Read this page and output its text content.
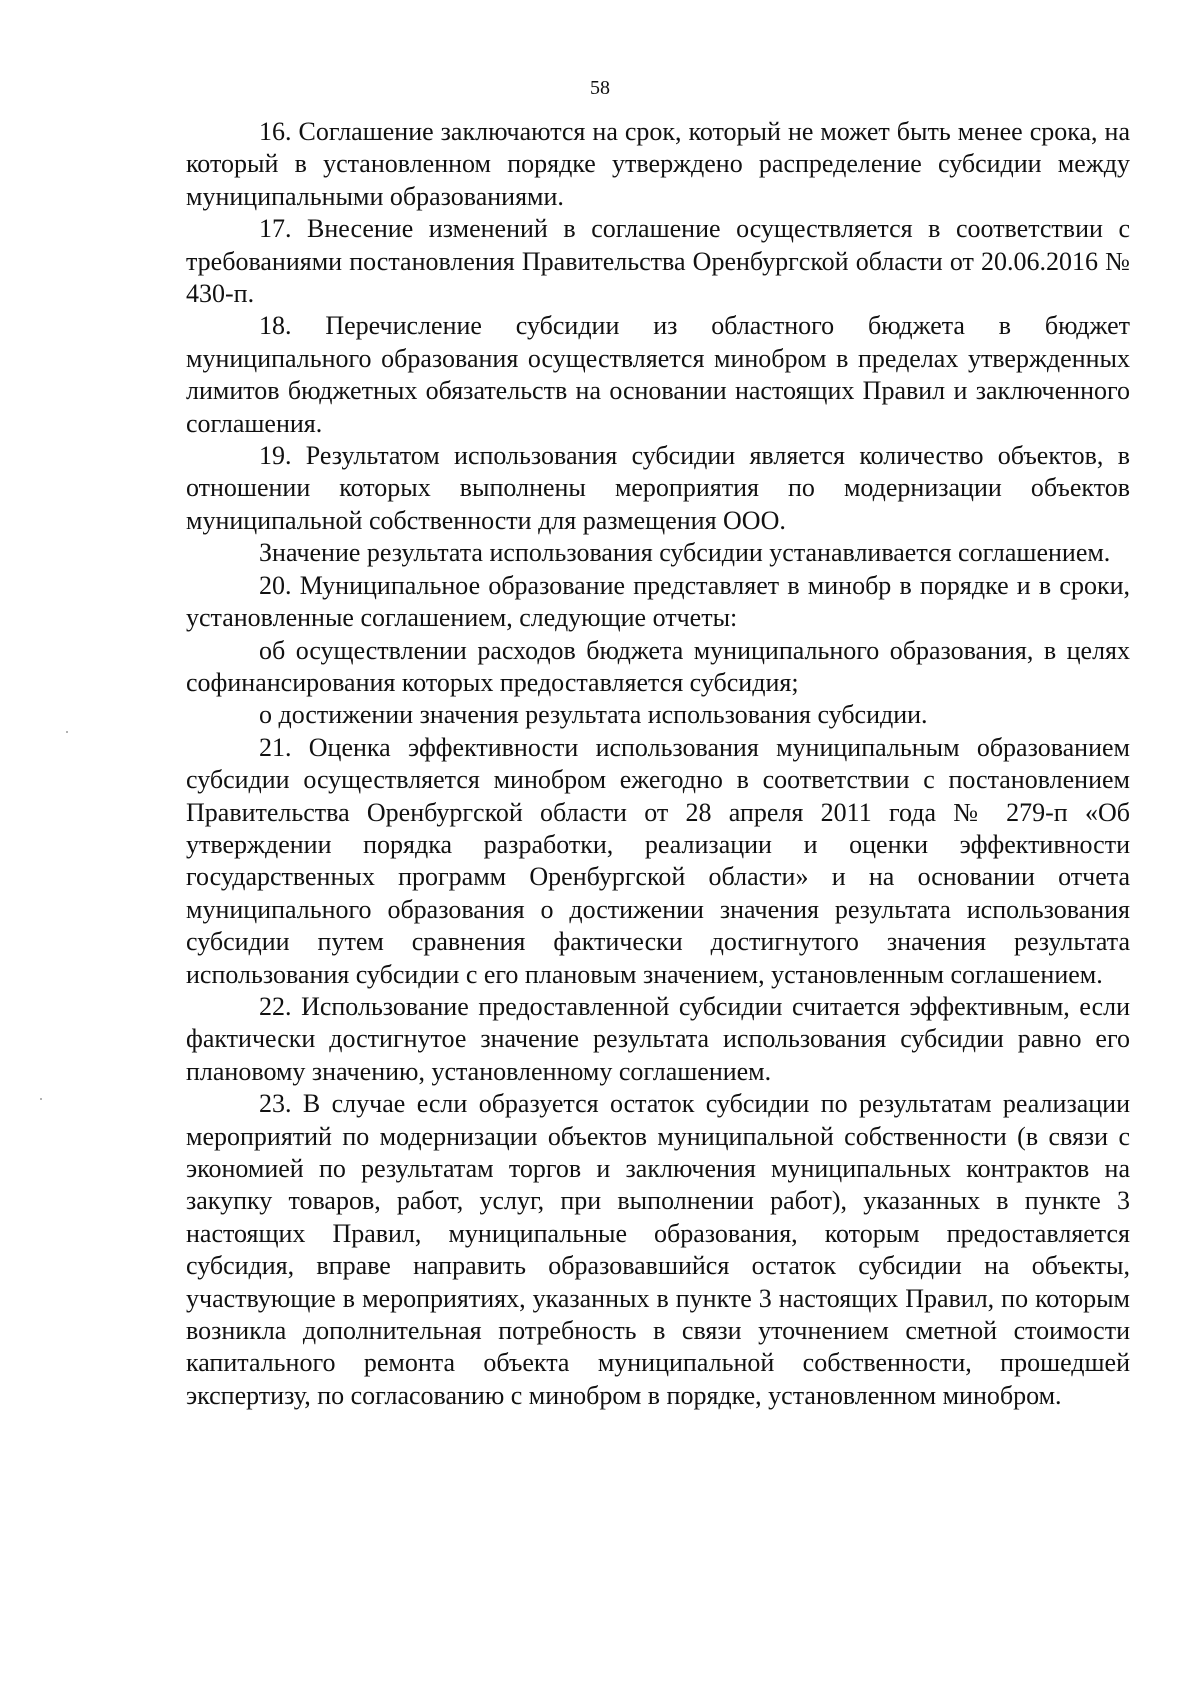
58

16. Соглашение заключаются на срок, который не может быть менее срока, на который в установленном порядке утверждено распределение субсидии между муниципальными образованиями.

17. Внесение изменений в соглашение осуществляется в соответствии с требованиями постановления Правительства Оренбургской области от 20.06.2016 № 430-п.

18. Перечисление субсидии из областного бюджета в бюджет муниципального образования осуществляется минобром в пределах утвержденных лимитов бюджетных обязательств на основании настоящих Правил и заключенного соглашения.

19. Результатом использования субсидии является количество объектов, в отношении которых выполнены мероприятия по модернизации объектов муниципальной собственности для размещения ООО.

Значение результата использования субсидии устанавливается соглашением.

20. Муниципальное образование представляет в минобр в порядке и в сроки, установленные соглашением, следующие отчеты:

об осуществлении расходов бюджета муниципального образования, в целях софинансирования которых предоставляется субсидия;

о достижении значения результата использования субсидии.

21. Оценка эффективности использования муниципальным образованием субсидии осуществляется минобром ежегодно в соответствии с постановлением Правительства Оренбургской области от 28 апреля 2011 года № 279-п «Об утверждении порядка разработки, реализации и оценки эффективности государственных программ Оренбургской области» и на основании отчета муниципального образования о достижении значения результата использования субсидии путем сравнения фактически достигнутого значения результата использования субсидии с его плановым значением, установленным соглашением.

22. Использование предоставленной субсидии считается эффективным, если фактически достигнутое значение результата использования субсидии равно его плановому значению, установленному соглашением.

23. В случае если образуется остаток субсидии по результатам реализации мероприятий по модернизации объектов муниципальной собственности (в связи с экономией по результатам торгов и заключения муниципальных контрактов на закупку товаров, работ, услуг, при выполнении работ), указанных в пункте 3 настоящих Правил, муниципальные образования, которым предоставляется субсидия, вправе направить образовавшийся остаток субсидии на объекты, участвующие в мероприятиях, указанных в пункте 3 настоящих Правил, по которым возникла дополнительная потребность в связи уточнением сметной стоимости капитального ремонта объекта муниципальной собственности, прошедшей экспертизу, по согласованию с минобром в порядке, установленном минобром.
